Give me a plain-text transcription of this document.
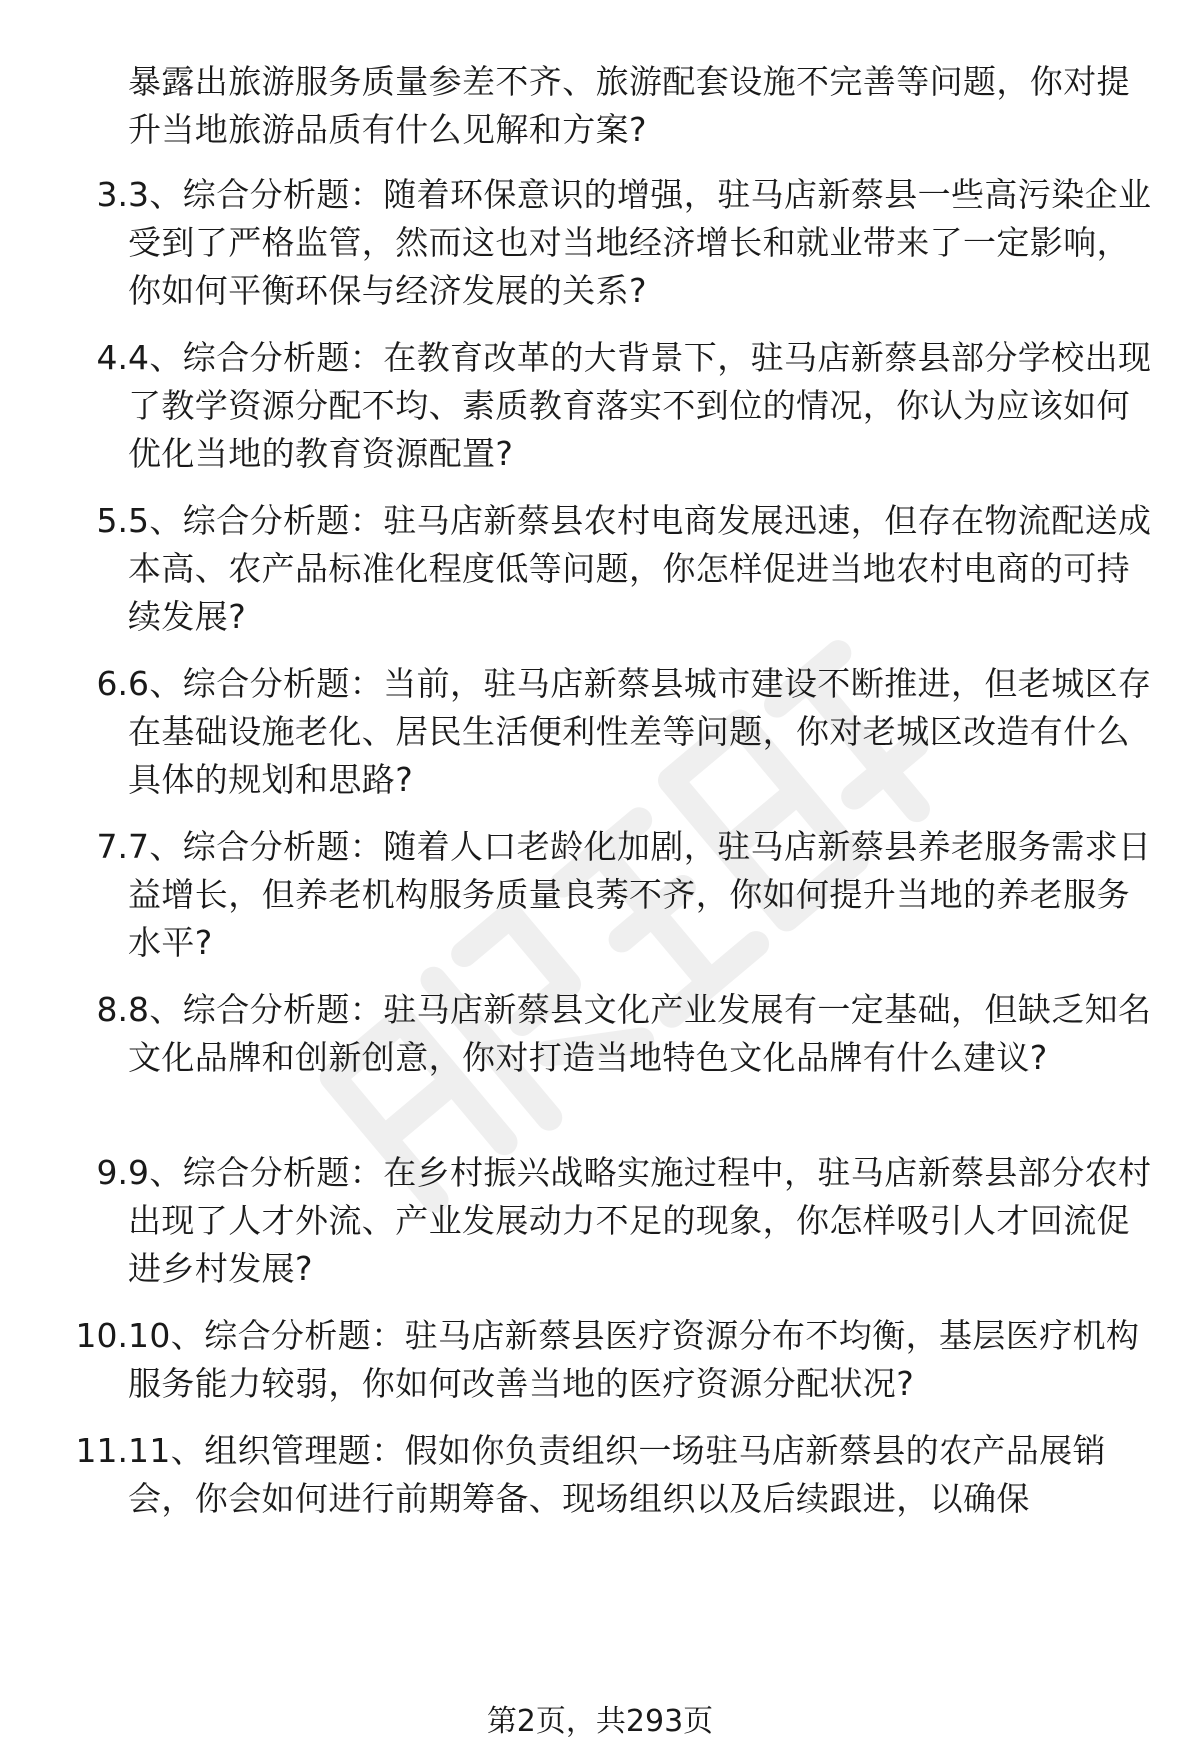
暴露出旅游服务质量参差不齐、旅游配套设施不完善等问题，你对提升当地旅游品质有什么见解和方案?
3. 3、综合分析题：随着环保意识的增强，驻马店新蔡县一些高污染企业受到了严格监管，然而这也对当地经济增长和就业带来了一定影响，你如何平衡环保与经济发展的关系?
4. 4、综合分析题：在教育改革的大背景下，驻马店新蔡县部分学校出现了教学资源分配不均、素质教育落实不到位的情况，你认为应该如何优化当地的教育资源配置?
5. 5、综合分析题：驻马店新蔡县农村电商发展迅速，但存在物流配送成本高、农产品标准化程度低等问题，你怎样促进当地农村电商的可持续发展?
6. 6、综合分析题：当前，驻马店新蔡县城市建设不断推进，但老城区存在基础设施老化、居民生活便利性差等问题，你对老城区改造有什么具体的规划和思路?
7. 7、综合分析题：随着人口老龄化加剧，驻马店新蔡县养老服务需求日益增长，但养老机构服务质量良莠不齐，你如何提升当地的养老服务水平?
8. 8、综合分析题：驻马店新蔡县文化产业发展有一定基础，但缺乏知名文化品牌和创新创意，你对打造当地特色文化品牌有什么建议?
9. 9、综合分析题：在乡村振兴战略实施过程中，驻马店新蔡县部分农村出现了人才外流、产业发展动力不足的现象，你怎样吸引人才回流促进乡村发展?
10. 10、综合分析题：驻马店新蔡县医疗资源分布不均衡，基层医疗机构服务能力较弱，你如何改善当地的医疗资源分配状况?
11. 11、组织管理题：假如你负责组织一场驻马店新蔡县的农产品展销会，你会如何进行前期筹备、现场组织以及后续跟进，以确保
第2页，共293页
